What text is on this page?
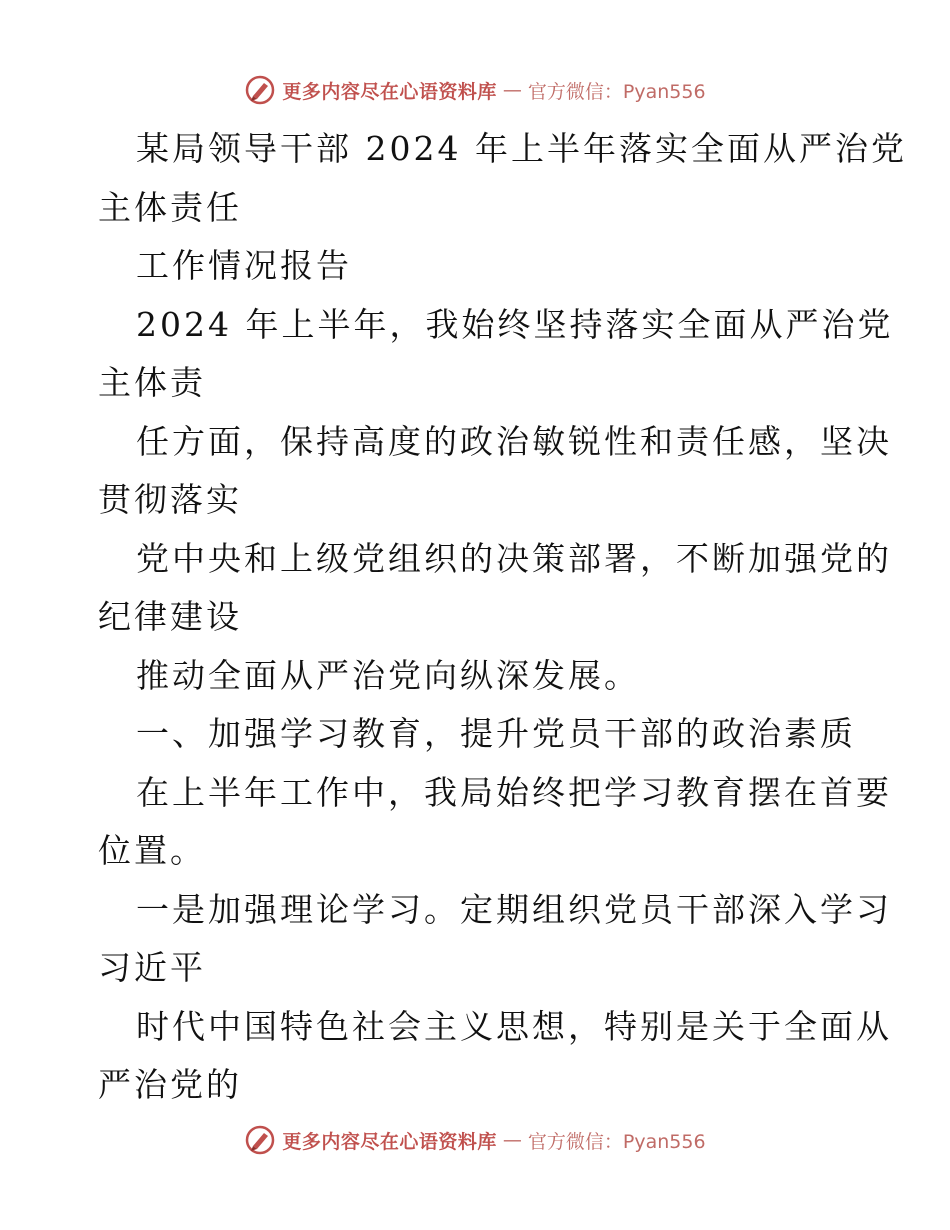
更多内容尽在心语资料库 — 官方微信：Pyan556
某局领导干部 2024 年上半年落实全面从严治党
主体责任
工作情况报告
2024 年上半年，我始终坚持落实全面从严治党
主体责
任方面，保持高度的政治敏锐性和责任感，坚决
贯彻落实
党中央和上级党组织的决策部署，不断加强党的
纪律建设
推动全面从严治党向纵深发展。
一、加强学习教育，提升党员干部的政治素质
在上半年工作中，我局始终把学习教育摆在首要
位置。
一是加强理论学习。定期组织党员干部深入学习
习近平
时代中国特色社会主义思想，特别是关于全面从
严治党的
更多内容尽在心语资料库 — 官方微信：Pyan556
